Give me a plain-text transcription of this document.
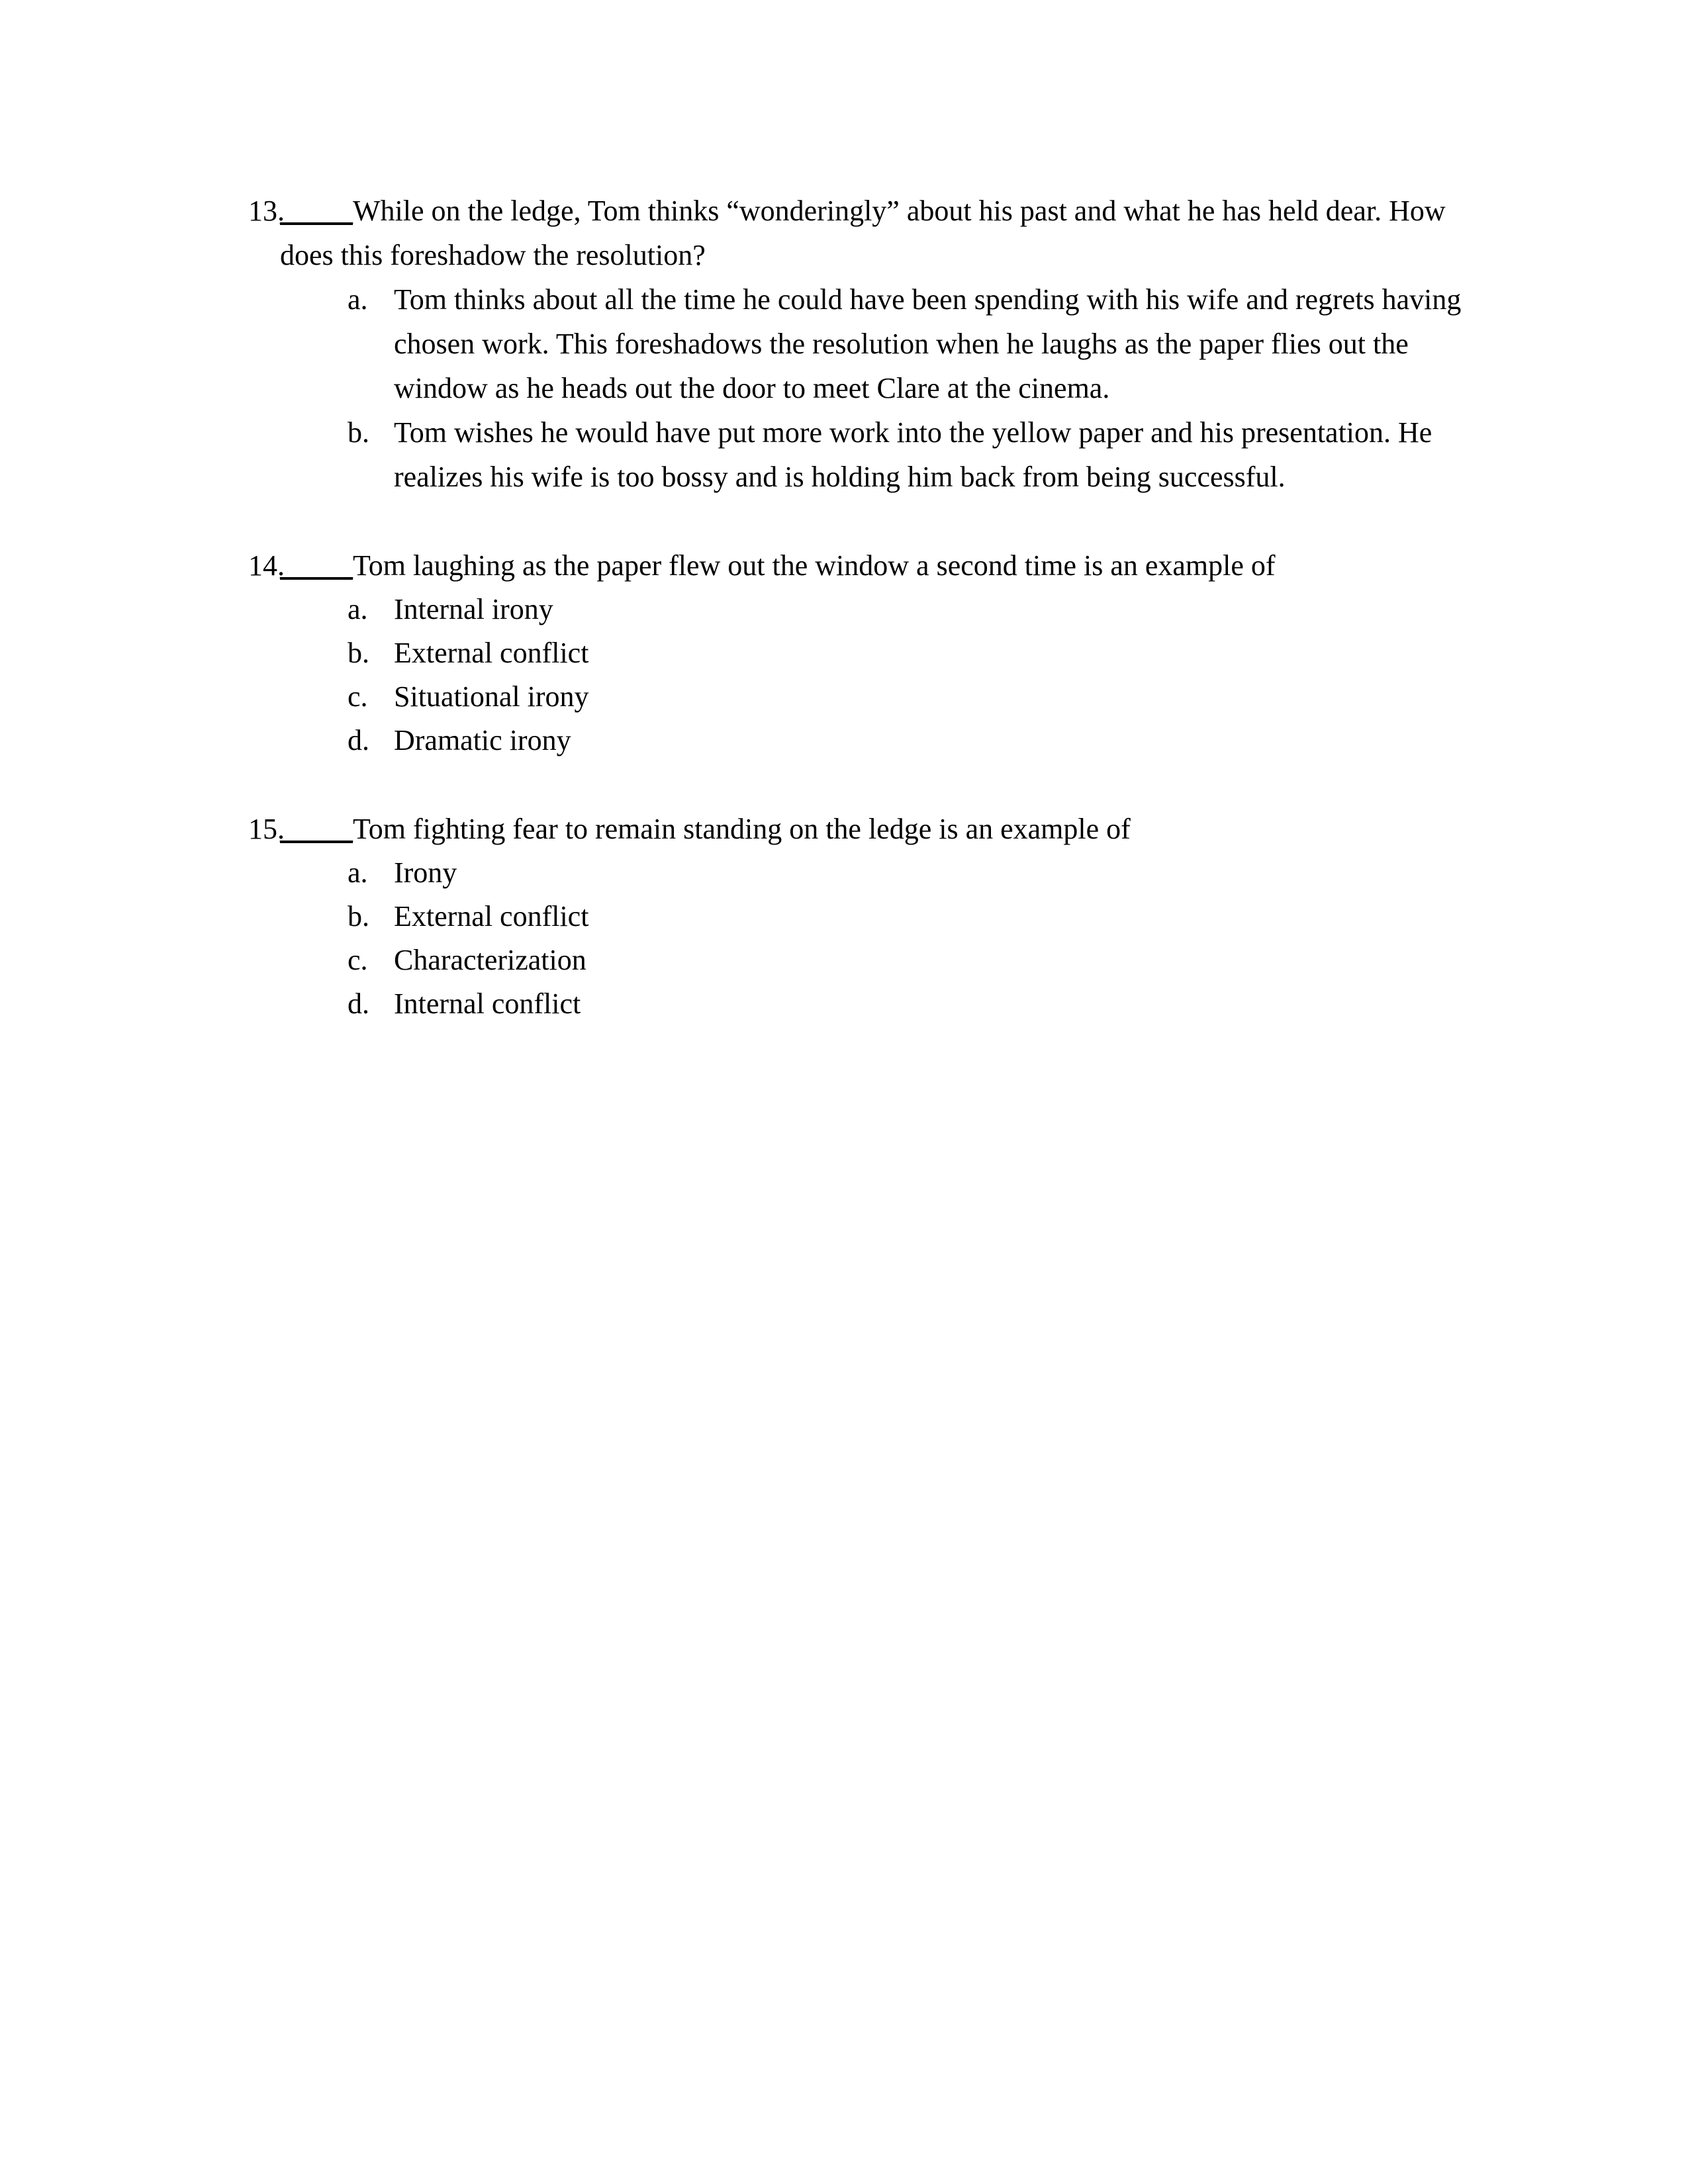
13.
_____While on the ledge, Tom thinks “wonderingly” about his past and what he has held dear. How does this foreshadow the resolution?

a. Tom thinks about all the time he could have been spending with his wife and regrets having chosen work. This foreshadows the resolution when he laughs as the paper flies out the window as he heads out the door to meet Clare at the cinema.
b. Tom wishes he would have put more work into the yellow paper and his presentation. He realizes his wife is too bossy and is holding him back from being successful.

14.
_____Tom laughing as the paper flew out the window a second time is an example of

a. Internal irony
b. External conflict
c. Situational irony
d. Dramatic irony

15.
_____Tom fighting fear to remain standing on the ledge is an example of

a. Irony
b. External conflict
c. Characterization
d. Internal conflict
